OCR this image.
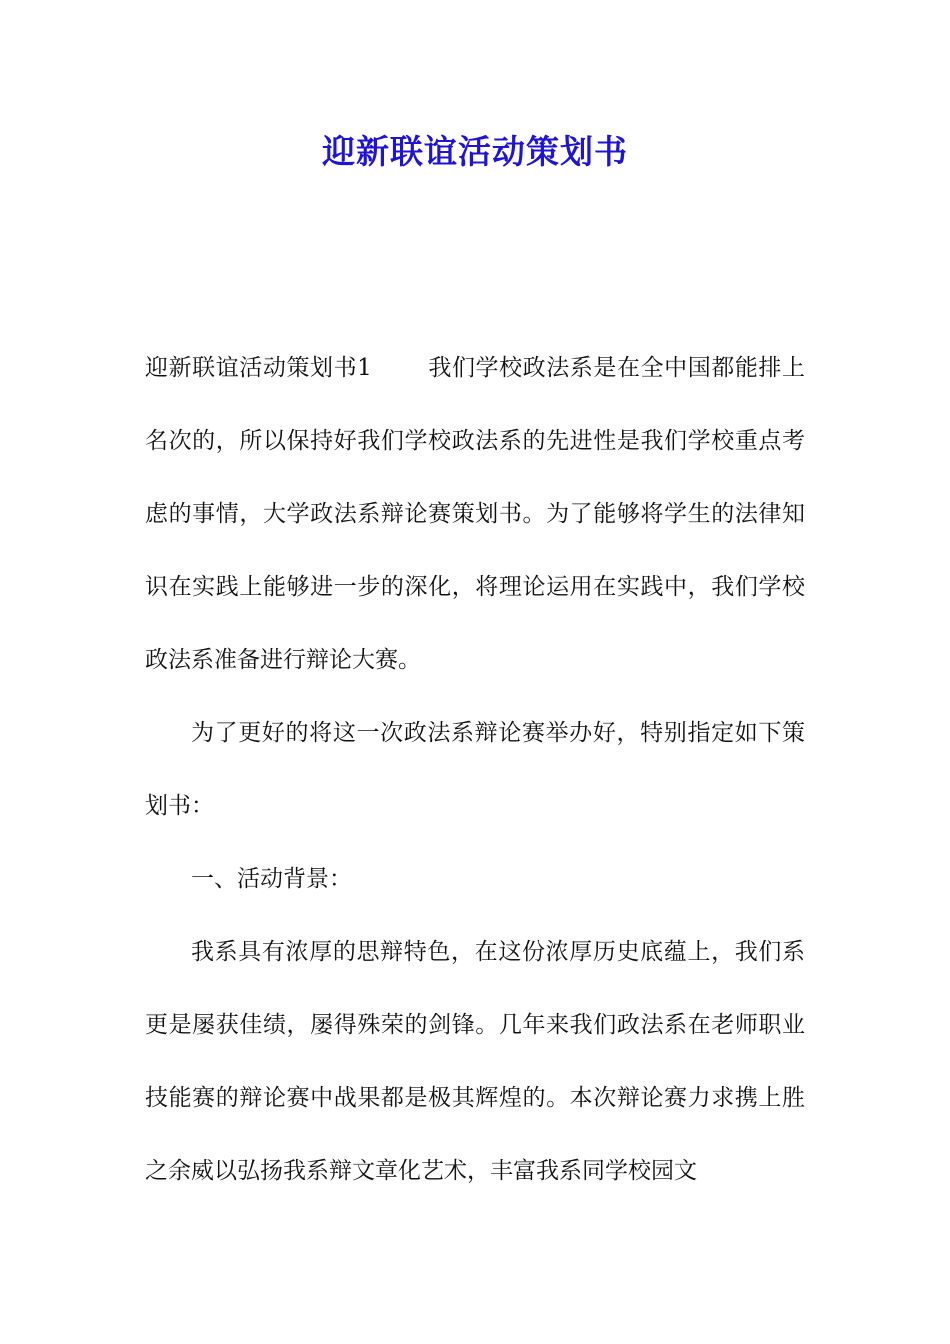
迎新联谊活动策划书

迎新联谊活动策划书1 我们学校政法系是在全中国都能排上名次的，所以保持好我们学校政法系的先进性是我们学校重点考虑的事情，大学政法系辩论赛策划书。为了能够将学生的法律知识在实践上能够进一步的深化，将理论运用在实践中，我们学校政法系准备进行辩论大赛。

为了更好的将这一次政法系辩论赛举办好，特别指定如下策划书：

一、活动背景：

我系具有浓厚的思辩特色，在这份浓厚历史底蕴上，我们系更是屡获佳绩，屡得殊荣的剑锋。几年来我们政法系在老师职业技能赛的辩论赛中战果都是极其辉煌的。本次辩论赛力求携上胜之余威以弘扬我系辩文章化艺术，丰富我系同学校园文
